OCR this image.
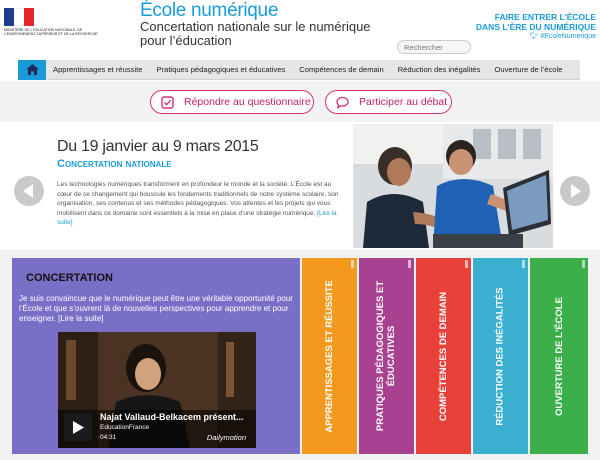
MINISTÈRE DE L'ÉDUCATION NATIONALE, DE L'ENSEIGNEMENT SUPÉRIEUR ET DE LA RECHERCHE
École numérique
Concertation nationale sur le numérique pour l’éducation
FAIRE ENTRER L'ÉCOLE
DANS L'ÈRE DU NUMÉRIQUE
🐦︎ #EcoleNumerique
Rechercher
Apprentissages et réussite	Pratiques pédagogiques et éducatives	Compétences de demain	Réduction des inégalités	Ouverture de l’école
Répondre au questionnaire	Participer au débat
Du 19 janvier au 9 mars 2015
Concertation nationale
Les technologies numériques transforment en profondeur le monde et la société. L’École est au cœur de ce changement qui bouscule les fondements traditionnels de notre système scolaire, son organisation, ses contenus et ses méthodes pédagogiques. Vos attentes et les projets qui vous mobilisent dans ce domaine sont essentiels à la mise en place d’une stratégie numérique. [Lire la suite]
CONCERTATION
Je suis convaincue que le numérique peut être une véritable opportunité pour l’École et que s’ouvrent là de nouvelles perspectives pour apprendre et pour enseigner. [Lire la suite]
Najat Vallaud-Belkacem présent...
EducationFrance
04:31	Dailymotion
APPRENTISSAGES ET RÉUSSITE	PRATIQUES PÉDAGOGIQUES ET
ÉDUCATIVES	COMPÉTENCES DE DEMAIN	RÉDUCTION DES INÉGALITÉS	OUVERTURE DE L'ÉCOLE
